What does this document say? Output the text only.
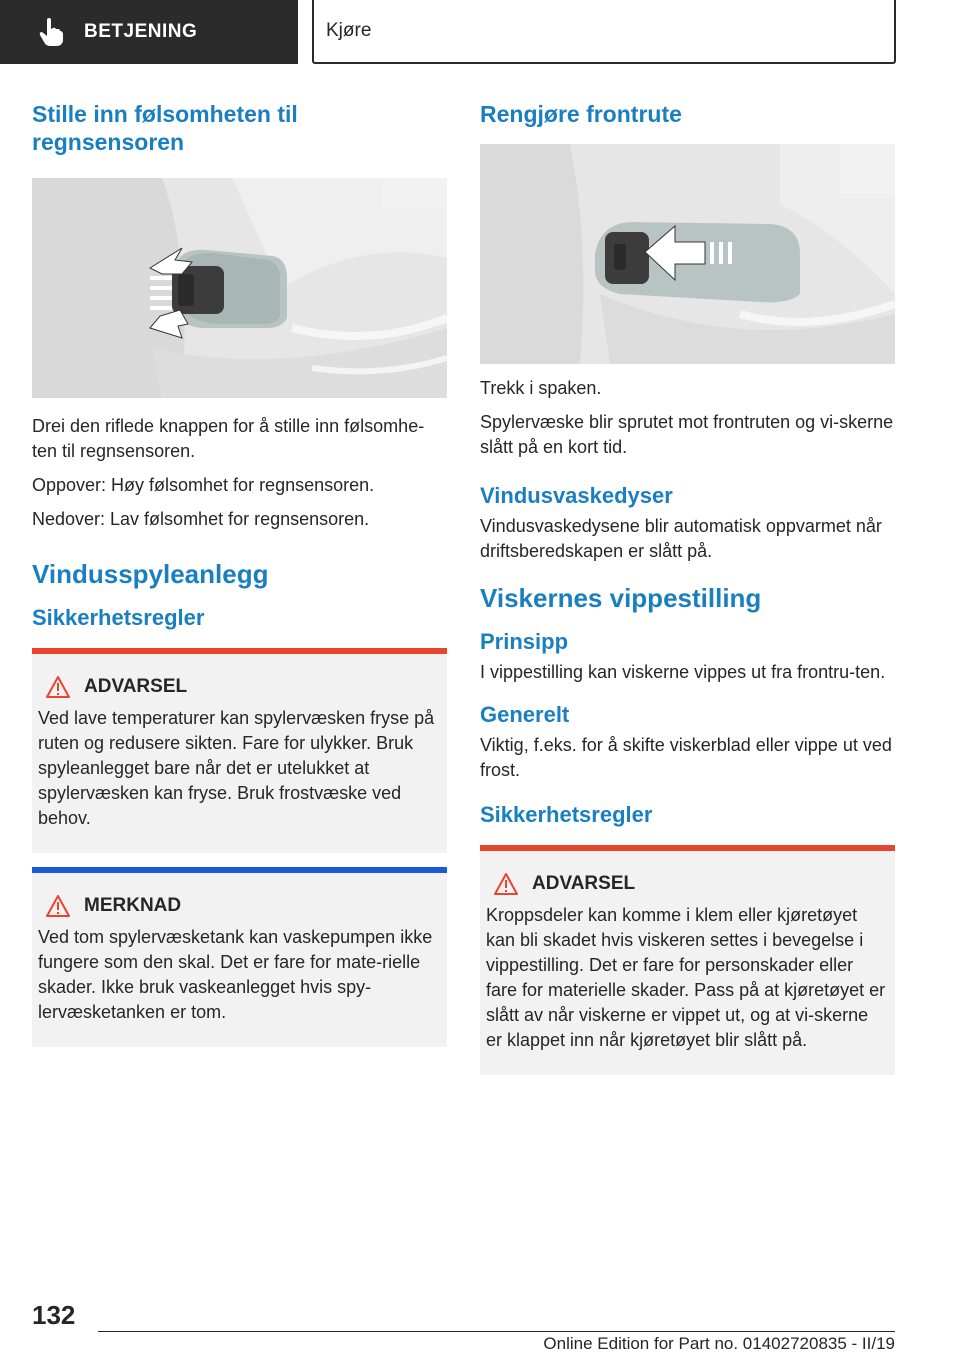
BETJENING	Kjøre
Stille inn følsomheten til regnsensoren

Drei den riflede knappen for å stille inn følsomhe-ten til regnsensoren.

Oppover: Høy følsomhet for regnsensoren.

Nedover: Lav følsomhet for regnsensoren.

Vindusspyleanlegg
Sikkerhetsregler
ADVARSEL
Ved lave temperaturer kan spylervæsken fryse på ruten og redusere sikten. Fare for ulykker. Bruk spyleanlegget bare når det er utelukket at spylervæsken kan fryse. Bruk frostvæske ved behov.
MERKNAD
Ved tom spylervæsketank kan vaskepumpen ikke fungere som den skal. Det er fare for mate-rielle skader. Ikke bruk vaskeanlegget hvis spy-lervæsketanken er tom.
Rengjøre frontrute

Trekk i spaken.

Spylervæske blir sprutet mot frontruten og vi-skerne slått på en kort tid.

Vindusvaskedyser

Vindusvaskedysene blir automatisk oppvarmet når driftsberedskapen er slått på.

Viskernes vippestilling
Prinsipp

I vippestilling kan viskerne vippes ut fra frontru-ten.

Generelt

Viktig, f.eks. for å skifte viskerblad eller vippe ut ved frost.

Sikkerhetsregler
ADVARSEL
Kroppsdeler kan komme i klem eller kjøretøyet kan bli skadet hvis viskeren settes i bevegelse i vippestilling. Det er fare for personskader eller fare for materielle skader. Pass på at kjøretøyet er slått av når viskerne er vippet ut, og at vi-skerne er klappet inn når kjøretøyet blir slått på.
132
Online Edition for Part no. 01402720835 - II/19
